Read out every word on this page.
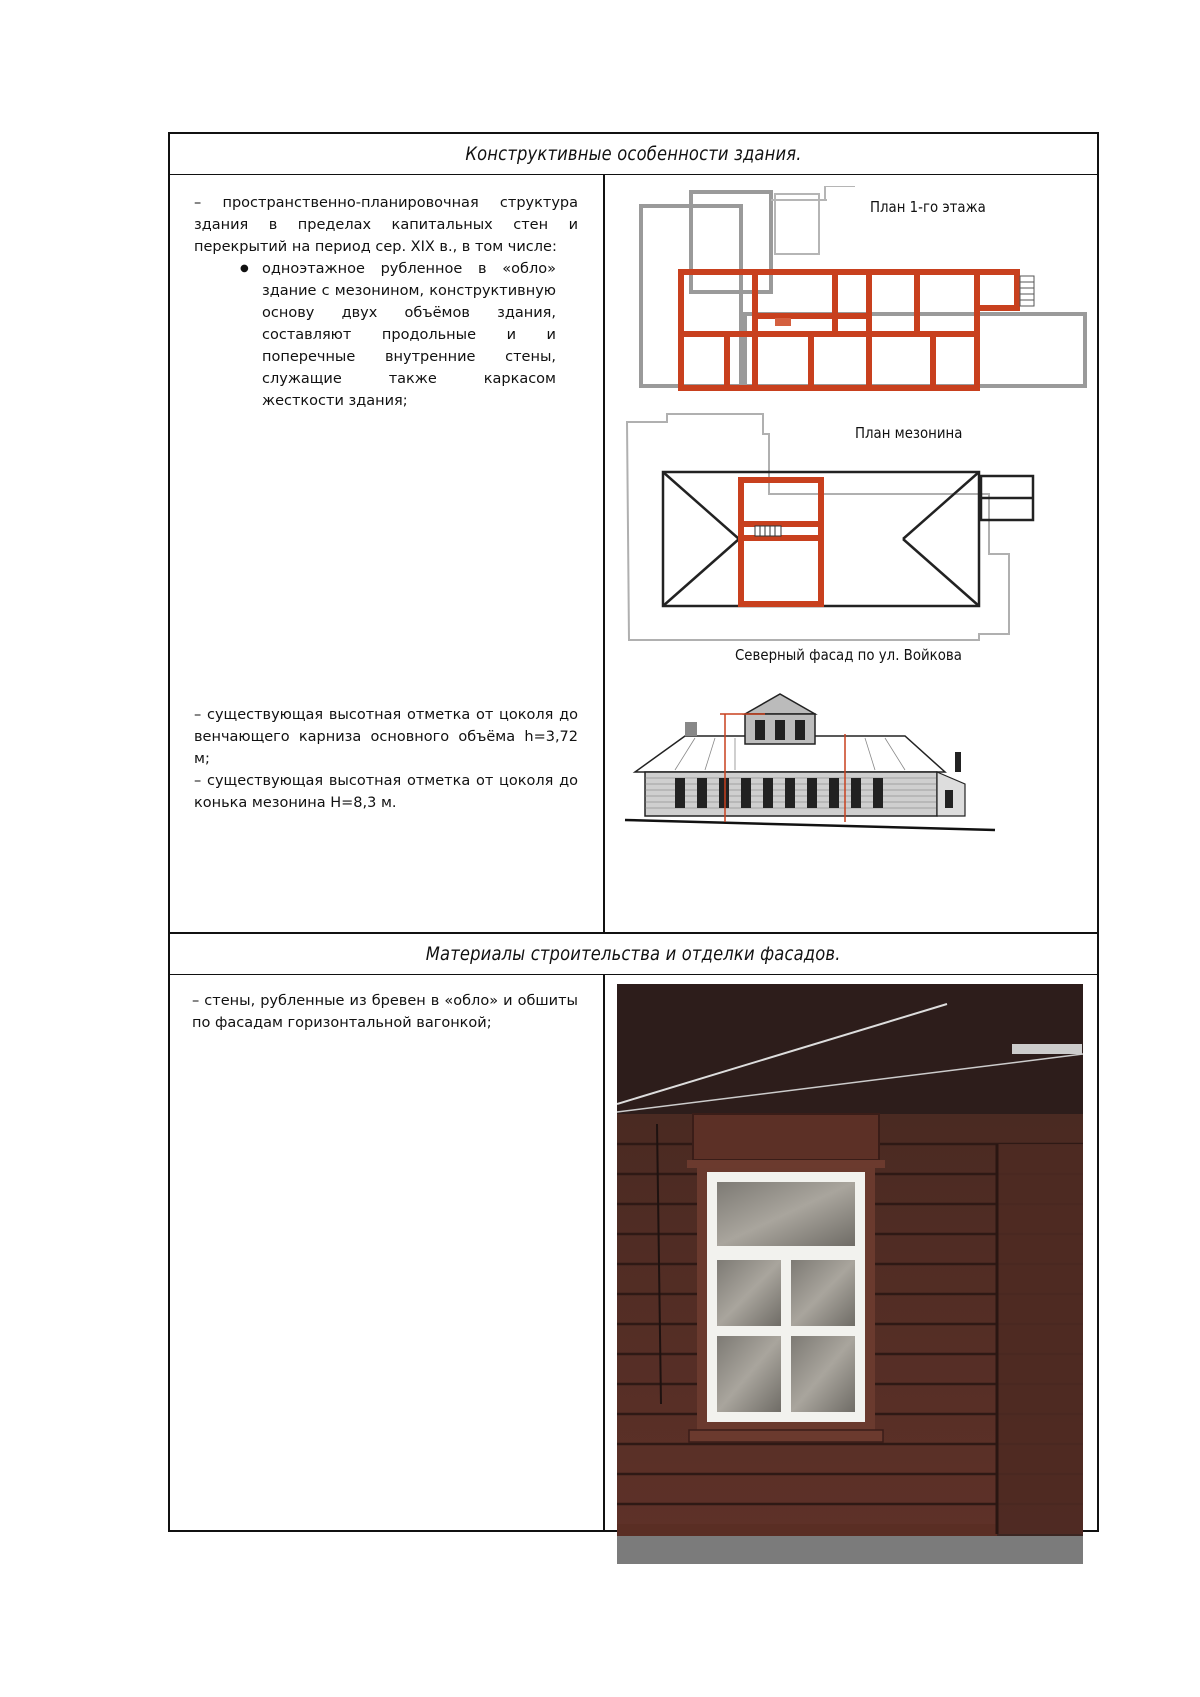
Конструктивные особенности здания.

– пространственно-планировочная структура здания в пределах капитальных стен и перекрытий на период сер. XIX в., в том числе:

● одноэтажное рубленное в «обло» здание с мезонином, конструктивную основу двух объёмов здания, составляют продольные и и поперечные внутренние стены, служащие также каркасом жесткости здания;

– существующая высотная отметка от цоколя до венчающего карниза основного объёма h=3,72 м;

– существующая высотная отметка от цоколя до конька мезонина H=8,3 м.

План 1-го этажа
План мезонина
Северный фасад по ул. Войкова
Материалы строительства и отделки фасадов.

– стены, рубленные из бревен в «обло» и обшиты по фасадам горизонтальной вагонкой;
